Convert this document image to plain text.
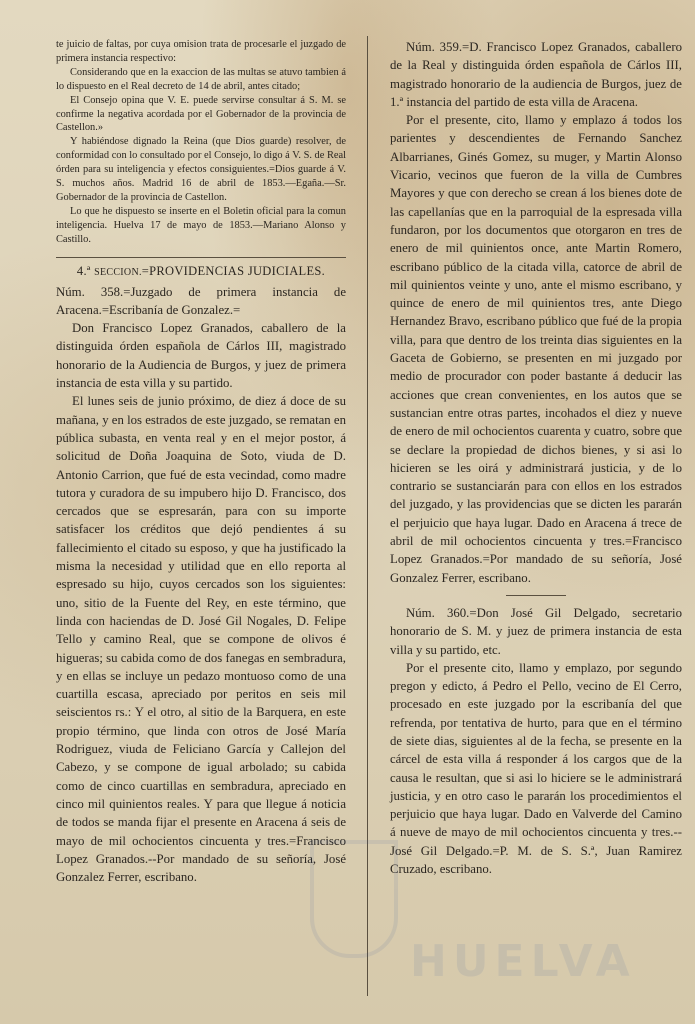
te juicio de faltas, por cuya omision trata de procesarle el juzgado de primera instancia respectivo:

Considerando que en la exaccion de las multas se atuvo tambien á lo dispuesto en el Real decreto de 14 de abril, antes citado;

El Consejo opina que V. E. puede servirse consultar á S. M. se confirme la negativa acordada por el Gobernador de la provincia de Castellon.»

Y habiéndose dignado la Reina (que Dios guarde) resolver, de conformidad con lo consultado por el Consejo, lo digo á V. S. de Real órden para su inteligencia y efectos consiguientes.=Dios guarde á V. S. muchos años. Madrid 16 de abril de 1853.—Egaña.—Sr. Gobernador de la provincia de Castellon.

Lo que he dispuesto se inserte en el Boletin oficial para la comun inteligencia. Huelva 17 de mayo de 1853.—Mariano Alonso y Castillo.

4.ª SECCION.=PROVIDENCIAS JUDICIALES.

Núm. 358.=Juzgado de primera instancia de Aracena.=Escribanía de Gonzalez.=

Don Francisco Lopez Granados, caballero de la distinguida órden española de Cárlos III, magistrado honorario de la Audiencia de Burgos, y juez de primera instancia de esta villa y su partido.

El lunes seis de junio próximo, de diez á doce de su mañana, y en los estrados de este juzgado, se rematan en pública subasta, en venta real y en el mejor postor, á solicitud de Doña Joaquina de Soto, viuda de D. Antonio Carrion, que fué de esta vecindad, como madre tutora y curadora de su impubero hijo D. Francisco, dos cercados que se espresarán, para con su importe satisfacer los créditos que dejó pendientes á su fallecimiento el citado su esposo, y que ha justificado la misma la necesidad y utilidad que en ello reporta al espresado su hijo, cuyos cercados son los siguientes: uno, sitio de la Fuente del Rey, en este término, que linda con haciendas de D. José Gil Nogales, D. Felipe Tello y camino Real, que se compone de olivos é higueras; su cabida como de dos fanegas en sembradura, y en ellas se incluye un pedazo montuoso como de una cuartilla escasa, apreciado por peritos en seis mil seiscientos rs.: Y el otro, al sitio de la Barquera, en este propio término, que linda con otros de José María Rodriguez, viuda de Feliciano García y Callejon del Cabezo, y se compone de igual arbolado; su cabida como de cinco cuartillas en sembradura, apreciado en cinco mil quinientos reales. Y para que llegue á noticia de todos se manda fijar el presente en Aracena á seis de mayo de mil ochocientos cincuenta y tres.=Francisco Lopez Granados.--Por mandado de su señoría, José Gonzalez Ferrer, escribano.

Núm. 359.=D. Francisco Lopez Granados, caballero de la Real y distinguida órden española de Cárlos III, magistrado honorario de la audiencia de Burgos, juez de 1.ª instancia del partido de esta villa de Aracena.

Por el presente, cito, llamo y emplazo á todos los parientes y descendientes de Fernando Sanchez Albarrianes, Ginés Gomez, su muger, y Martin Alonso Vicario, vecinos que fueron de la villa de Cumbres Mayores y que con derecho se crean á los bienes dote de las capellanías que en la parroquial de la espresada villa fundaron, por los documentos que otorgaron en tres de enero de mil quinientos once, ante Martin Romero, escribano público de la citada villa, catorce de abril de mil quinientos veinte y uno, ante el mismo escribano, y quince de enero de mil quinientos tres, ante Diego Hernandez Bravo, escribano público que fué de la propia villa, para que dentro de los treinta dias siguientes en la Gaceta de Gobierno, se presenten en mi juzgado por medio de procurador con poder bastante á deducir las acciones que crean convenientes, en los autos que se sustancian entre otras partes, incohados el diez y nueve de enero de mil ochocientos cuarenta y cuatro, sobre que se declare la propiedad de dichos bienes, y si asi lo hicieren se les oirá y administrará justicia, y de lo contrario se sustanciarán para con ellos en los estrados del juzgado, y las providencias que se dicten les pararán el perjuicio que haya lugar. Dado en Aracena á trece de abril de mil ochocientos cincuenta y tres.=Francisco Lopez Granados.=Por mandado de su señoría, José Gonzalez Ferrer, escribano.

Núm. 360.=Don José Gil Delgado, secretario honorario de S. M. y juez de primera instancia de esta villa y su partido, etc.

Por el presente cito, llamo y emplazo, por segundo pregon y edicto, á Pedro el Pello, vecino de El Cerro, procesado en este juzgado por la escribanía del que refrenda, por tentativa de hurto, para que en el término de siete dias, siguientes al de la fecha, se presente en la cárcel de esta villa á responder á los cargos que de la causa le resultan, que si asi lo hiciere se le administrará justicia, y en otro caso le pararán los procedimientos el perjuicio que haya lugar. Dado en Valverde del Camino á nueve de mayo de mil ochocientos cincuenta y tres.--José Gil Delgado.=P. M. de S. S.ª, Juan Ramirez Cruzado, escribano.

HUELVA
